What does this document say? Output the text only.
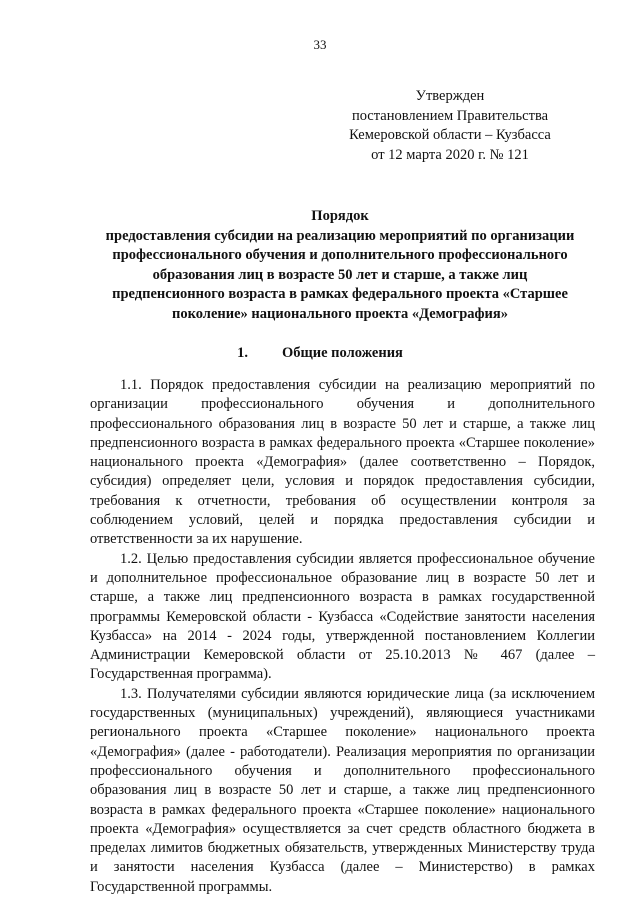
33
Утвержден
постановлением Правительства
Кемеровской области – Кузбасса
от 12 марта 2020 г. № 121
Порядок
предоставления субсидии на реализацию мероприятий по организации
профессионального обучения и дополнительного профессионального
образования лиц в возрасте 50 лет и старше, а также лиц
предпенсионного возраста в рамках федерального проекта «Старшее
поколение» национального проекта «Демография»
1. Общие положения

1.1. Порядок предоставления субсидии на реализацию мероприятий по организации профессионального обучения и дополнительного профессионального образования лиц в возрасте 50 лет и старше, а также лиц предпенсионного возраста в рамках федерального проекта «Старшее поколение» национального проекта «Демография» (далее соответственно – Порядок, субсидия) определяет цели, условия и порядок предоставления субсидии, требования к отчетности, требования об осуществлении контроля за соблюдением условий, целей и порядка предоставления субсидии и ответственности за их нарушение.

1.2. Целью предоставления субсидии является профессиональное обучение и дополнительное профессиональное образование лиц в возрасте 50 лет и старше, а также лиц предпенсионного возраста в рамках государственной программы Кемеровской области - Кузбасса «Содействие занятости населения Кузбасса» на 2014 - 2024 годы, утвержденной постановлением Коллегии Администрации Кемеровской области от 25.10.2013 № 467 (далее – Государственная программа).

1.3. Получателями субсидии являются юридические лица (за исключением государственных (муниципальных) учреждений), являющиеся участниками регионального проекта «Старшее поколение» национального проекта «Демография» (далее - работодатели). Реализация мероприятия по организации профессионального обучения и дополнительного профессионального образования лиц в возрасте 50 лет и старше, а также лиц предпенсионного возраста в рамках федерального проекта «Старшее поколение» национального проекта «Демография» осуществляется за счет средств областного бюджета в пределах лимитов бюджетных обязательств, утвержденных Министерству труда и занятости населения Кузбасса (далее – Министерство) в рамках Государственной программы.
